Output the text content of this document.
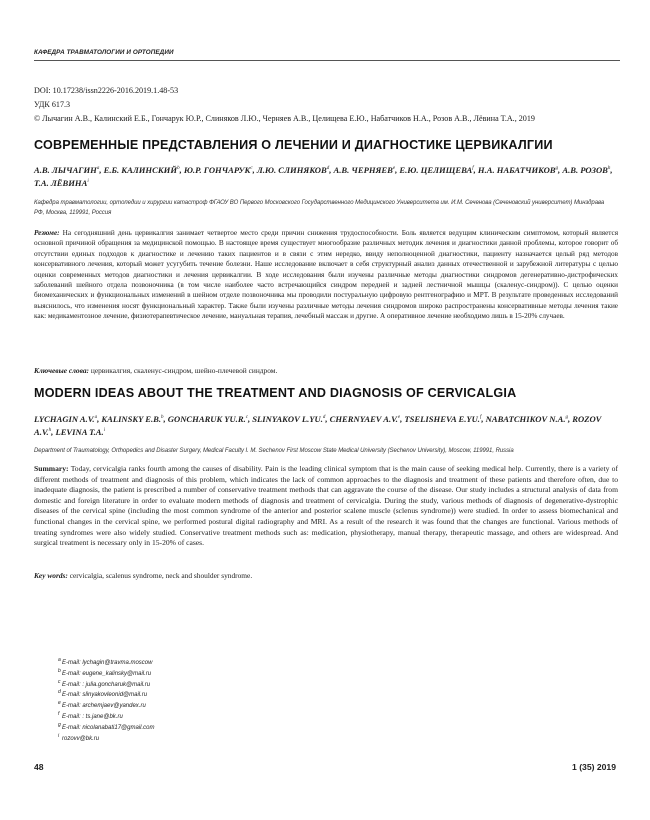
КАФЕДРА ТРАВМАТОЛОГИИ И ОРТОПЕДИИ
DOI: 10.17238/issn2226-2016.2019.1.48-53
УДК 617.3
© Лычагин А.В., Калинский Е.Б., Гончарук Ю.Р., Слиняков Л.Ю., Черняев А.В., Целищева Е.Ю., Набатчиков Н.А., Розов А.В., Лёвина Т.А., 2019
СОВРЕМЕННЫЕ ПРЕДСТАВЛЕНИЯ О ЛЕЧЕНИИ И ДИАГНОСТИКЕ ЦЕРВИКАЛГИИ
А.В. ЛЫЧАГИН$^a$, Е.Б. КАЛИНСКИЙ$^b$, Ю.Р. ГОНЧАРУК$^c$, Л.Ю. СЛИНЯКОВ$^d$, А.В. ЧЕРНЯЕВ$^e$, Е.Ю. ЦЕЛИЩЕВА$^f$, Н.А. НАБАТЧИКОВ$^g$, А.В. РОЗОВ$^h$, Т.А. ЛЁВИНА$^i$
Кафедра травматологии, ортопедии и хирургии катастроф ФГАОУ ВО Первого Московского Государственного Медицинского Университета им. И.М. Сеченова (Сеченовский университет) Минздрава РФ, Москва, 119991, Россия
Резюме: На сегодняшний день цервикалгия занимает четвертое место среди причин снижения трудоспособности. Боль является ведущим клиническим симптомом, который является основной причиной обращения за медицинской помощью. В настоящее время существует многообразие различных методик лечения и диагностики данной проблемы, которое говорит об отсутствии единых подходов к диагностике и лечению таких пациентов и в связи с этим нередко, ввиду неполноценной диагностики, пациенту назначается целый ряд методов консервативного лечения, который может усугубить течение болезни. Наше исследование включает в себя структурный анализ данных отечественной и зарубежной литературы с целью оценки современных методов диагностики и лечения цервикалгии. В ходе исследования были изучены различные методы диагностики синдромов дегенеративно-дистрофических заболеваний шейного отдела позвоночника (в том числе наиболее часто встречающийся синдром передней и задней лестничной мышцы (скаленус-синдром)). С целью оценки биомеханических и функциональных изменений в шейном отделе позвоночника мы проводили постуральную цифровую рентгенографию и МРТ. В результате проведенных исследований выяснилось, что изменения носят функциональный характер. Также были изучены различные методы лечения синдромов широко распространены консервативные методы лечения такие как: медикаментозное лечение, физиотерапевтическое лечение, мануальная терапия, лечебный массаж и другие. А оперативное лечение необходимо лишь в 15-20% случаев.
Ключевые слова: цервикалгия, скаленус-синдром, шейно-плечевой синдром.
MODERN IDEAS ABOUT THE TREATMENT AND DIAGNOSIS OF CERVICALGIA
LYCHAGIN A.V.$^a$, KALINSKY E.B.$^b$, GONCHARUK YU.R.$^c$, SLINYAKOV L.YU.$^d$, CHERNYAEV A.V.$^e$, TSELISHEVA E.YU.$^f$, NABATCHIKOV N.A.$^g$, ROZOV A.V.$^h$, LEVINA T.A.$^i$
Department of Traumatology, Orthopedics and Disaster Surgery, Medical Faculty I. M. Sechenov First Moscow State Medical University (Sechenov University), Moscow, 119991, Russia
Summary: Today, cervicalgia ranks fourth among the causes of disability. Pain is the leading clinical symptom that is the main cause of seeking medical help. Currently, there is a variety of different methods of treatment and diagnosis of this problem, which indicates the lack of common approaches to the diagnosis and treatment of these patients and therefore often, due to inadequate diagnosis, the patient is prescribed a number of conservative treatment methods that can aggravate the course of the disease. Our study includes a structural analysis of data from domestic and foreign literature in order to evaluate modern methods of diagnosis and treatment of cervicalgia. During the study, various methods of diagnosis of degenerative-dystrophic diseases of the cervical spine (including the most common syndrome of the anterior and posterior scalene muscle (sclenus syndrome)) were studied. In order to assess biomechanical and functional changes in the cervical spine, we performed postural digital radiography and MRI. As a result of the research it was found that the changes are functional. Various methods of treating syndromes were also widely studied. Conservative treatment methods such as: medication, physiotherapy, manual therapy, therapeutic massage, and others are widespread. And surgical treatment is necessary only in 15-20% of cases.
Key words: cervicalgia, scalenus syndrome, neck and shoulder syndrome.
a E-mail: lychagin@travma.moscow
b E-mail: eugene_kalinsky@mail.ru
c E-mail: : julia.goncharuk@mail.ru
d E-mail: slinyakovleonid@mail.ru
e E-mail: archemjaev@yandex.ru
f E-mail: : ts.jane@bk.ru
g E-mail: nicolanabati17@gmail.com
i rozovv@bk.ru
48	1 (35) 2019
